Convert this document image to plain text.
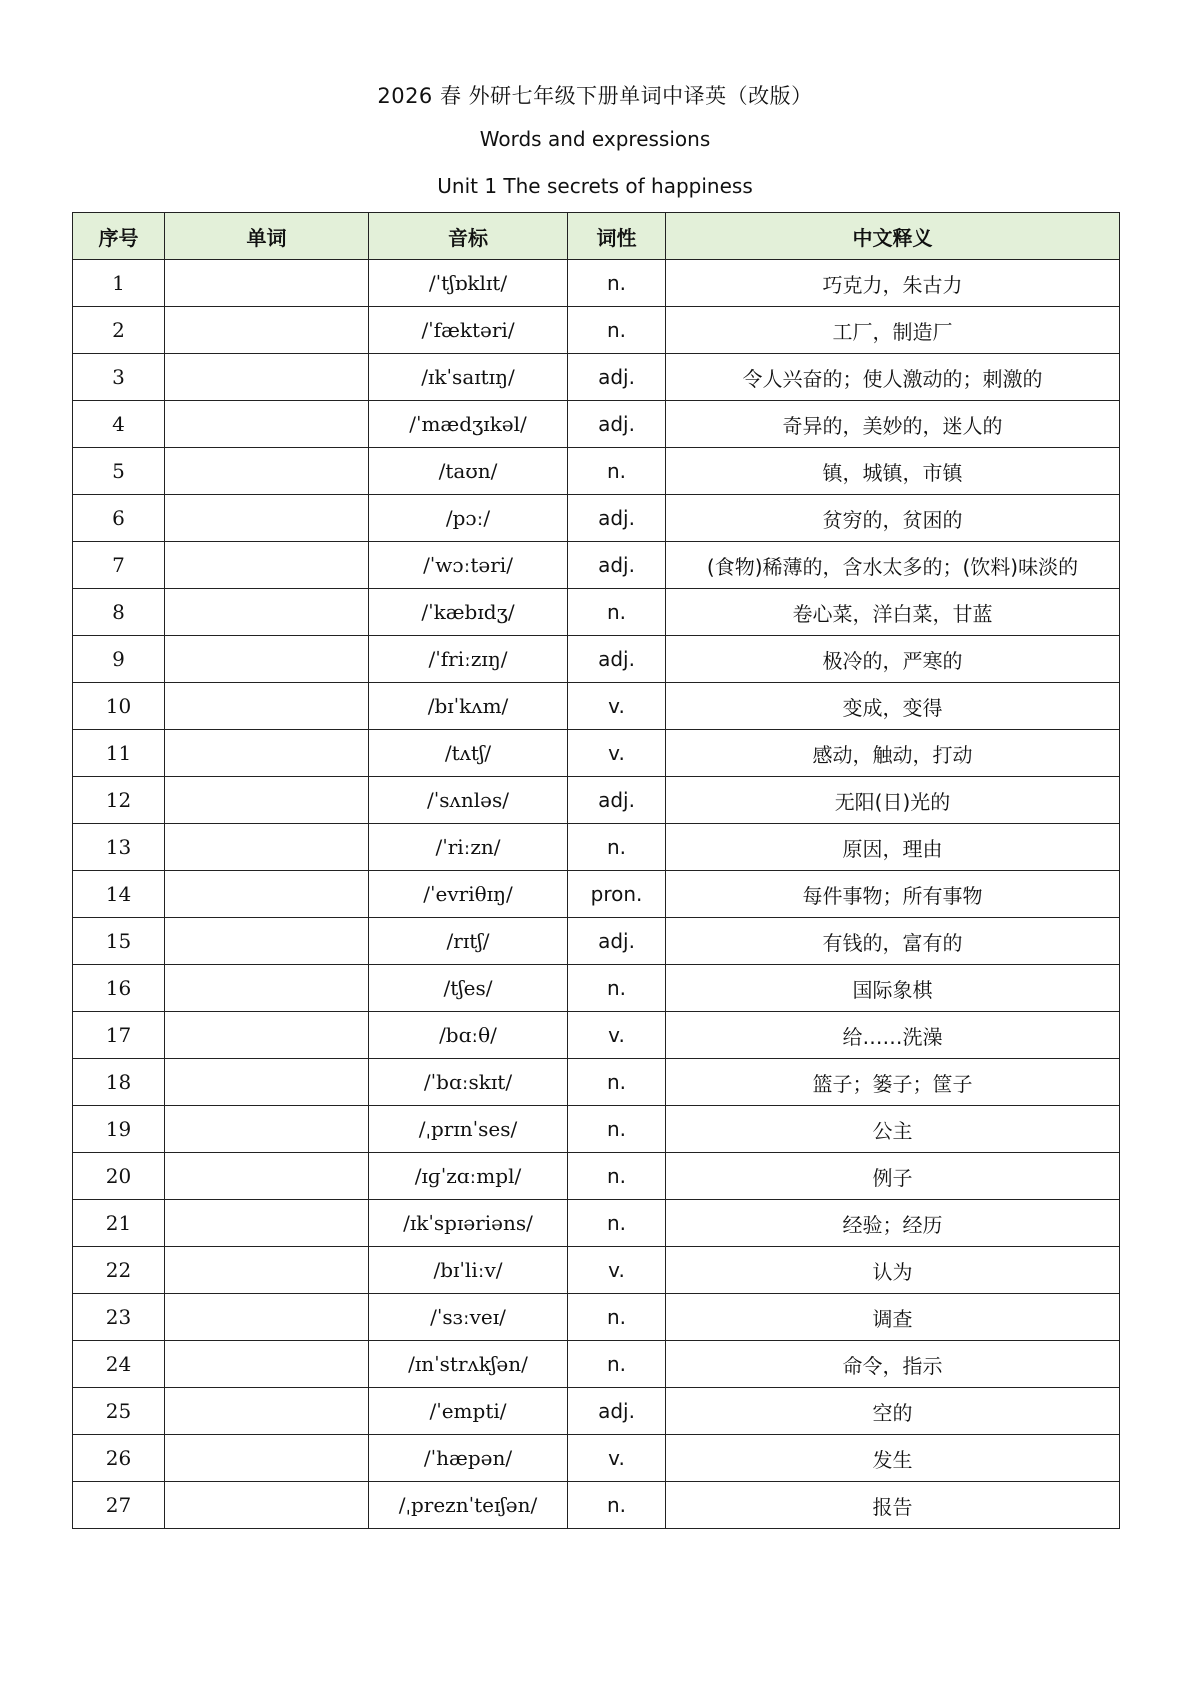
2026 春 外研七年级下册单词中译英（改版）
Words and expressions
Unit 1 The secrets of happiness
序号	单词	音标	词性	中文释义
1		/ˈtʃɒklɪt/	n.	巧克力，朱古力
2		/ˈfæktəri/	n.	工厂，制造厂
3		/ɪkˈsaɪtɪŋ/	adj.	令人兴奋的；使人激动的；刺激的
4		/ˈmædʒɪkəl/	adj.	奇异的，美妙的，迷人的
5		/taʊn/	n.	镇，城镇，市镇
6		/pɔː/	adj.	贫穷的，贫困的
7		/ˈwɔːtəri/	adj.	(食物)稀薄的，含水太多的；(饮料)味淡的
8		/ˈkæbɪdʒ/	n.	卷心菜，洋白菜，甘蓝
9		/ˈfriːzɪŋ/	adj.	极冷的，严寒的
10		/bɪˈkʌm/	v.	变成，变得
11		/tʌtʃ/	v.	感动，触动，打动
12		/ˈsʌnləs/	adj.	无阳(日)光的
13		/ˈriːzn/	n.	原因，理由
14		/ˈevriθɪŋ/	pron.	每件事物；所有事物
15		/rɪtʃ/	adj.	有钱的，富有的
16		/tʃes/	n.	国际象棋
17		/bɑːθ/	v.	给……洗澡
18		/ˈbɑːskɪt/	n.	篮子；篓子；筐子
19		/ˌprɪnˈses/	n.	公主
20		/ɪɡˈzɑːmpl/	n.	例子
21		/ɪkˈspɪəriəns/	n.	经验；经历
22		/bɪˈliːv/	v.	认为
23		/ˈsɜːveɪ/	n.	调查
24		/ɪnˈstrʌkʃən/	n.	命令，指示
25		/ˈempti/	adj.	空的
26		/ˈhæpən/	v.	发生
27		/ˌpreznˈteɪʃən/	n.	报告
